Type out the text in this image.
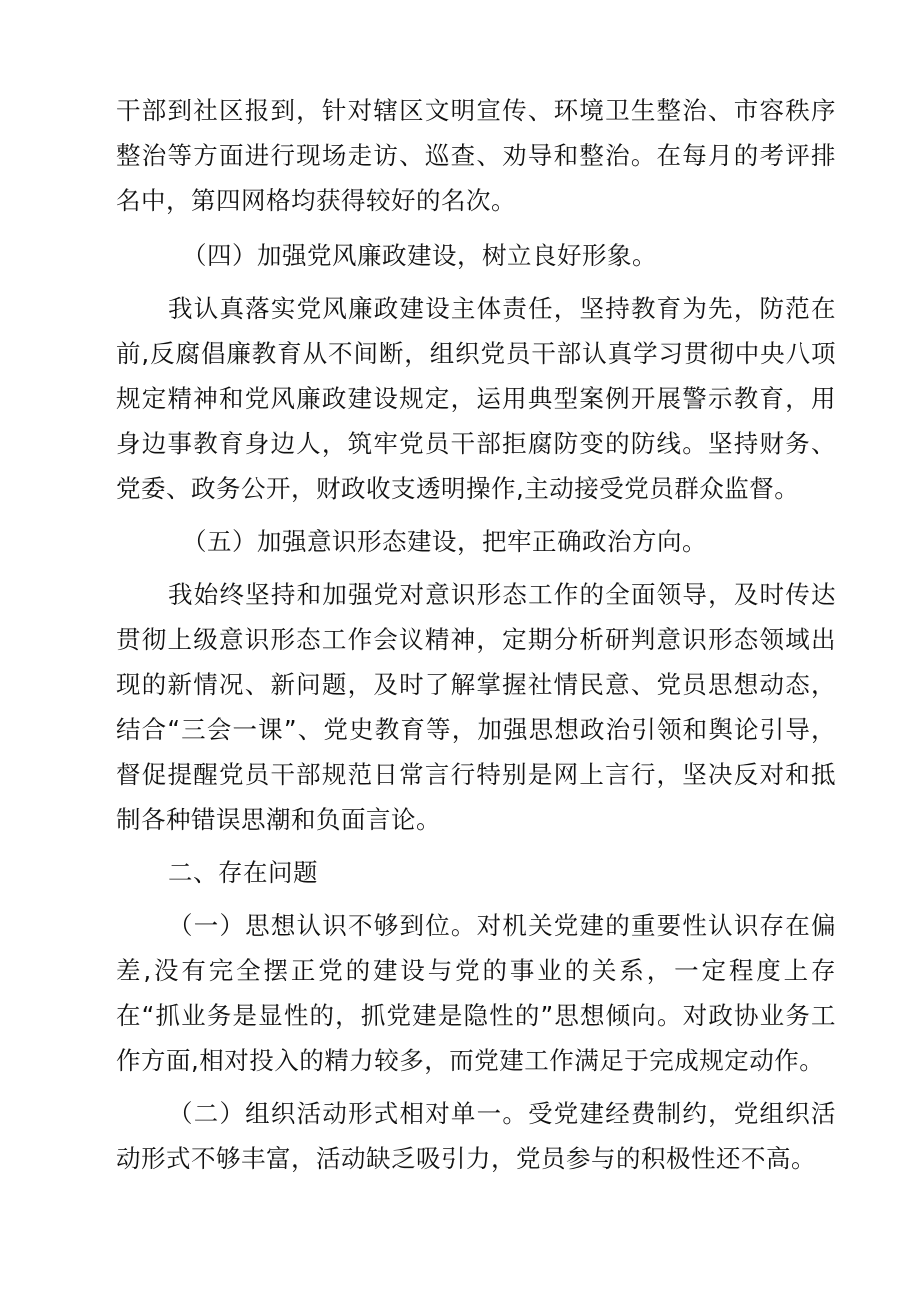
干部到社区报到，针对辖区文明宣传、环境卫生整治、市容秩序整治等方面进行现场走访、巡查、劝导和整治。在每月的考评排名中，第四网格均获得较好的名次。

（四）加强党风廉政建设，树立良好形象。

我认真落实党风廉政建设主体责任，坚持教育为先，防范在前,反腐倡廉教育从不间断，组织党员干部认真学习贯彻中央八项规定精神和党风廉政建设规定，运用典型案例开展警示教育，用身边事教育身边人，筑牢党员干部拒腐防变的防线。坚持财务、党委、政务公开，财政收支透明操作,主动接受党员群众监督。

（五）加强意识形态建设，把牢正确政治方向。

我始终坚持和加强党对意识形态工作的全面领导，及时传达贯彻上级意识形态工作会议精神，定期分析研判意识形态领域出现的新情况、新问题，及时了解掌握社情民意、党员思想动态，结合“三会一课”、党史教育等，加强思想政治引领和舆论引导，督促提醒党员干部规范日常言行特别是网上言行，坚决反对和抵制各种错误思潮和负面言论。

二、存在问题

（一）思想认识不够到位。对机关党建的重要性认识存在偏差,没有完全摆正党的建设与党的事业的关系，一定程度上存在“抓业务是显性的，抓党建是隐性的”思想倾向。对政协业务工作方面,相对投入的精力较多，而党建工作满足于完成规定动作。

（二）组织活动形式相对单一。受党建经费制约，党组织活动形式不够丰富，活动缺乏吸引力，党员参与的积极性还不高。
